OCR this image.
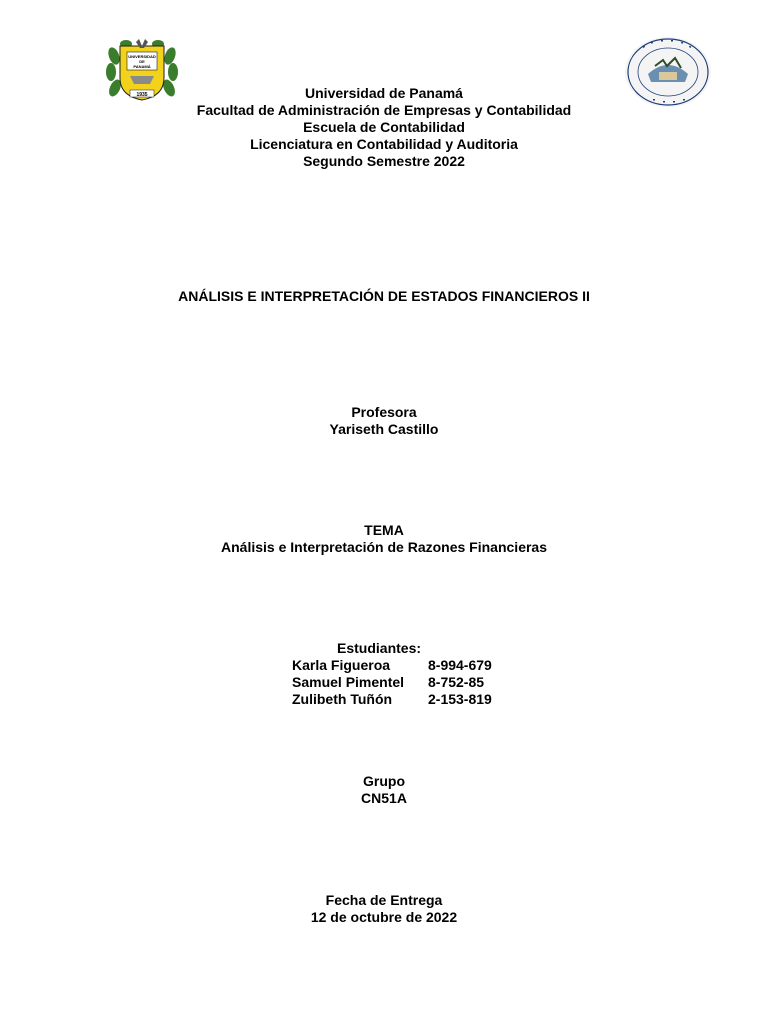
UNIVERSIDAD
DE
PANAMÁ
1935	Universidad de Panamá
Facultad de Administración de Empresas y Contabilidad
Escuela de Contabilidad
Licenciatura en Contabilidad y Auditoria
Segundo Semestre 2022
ANÁLISIS E INTERPRETACIÓN DE ESTADOS FINANCIEROS II
Profesora
Yariseth Castillo
TEMA
Análisis e Interpretación de Razones Financieras
Estudiantes:
Karla Figueroa	8-994-679
Samuel Pimentel 8-752-85
Zulibeth Tuñón	2-153-819
Grupo
CN51A
Fecha de Entrega
12 de octubre de 2022
